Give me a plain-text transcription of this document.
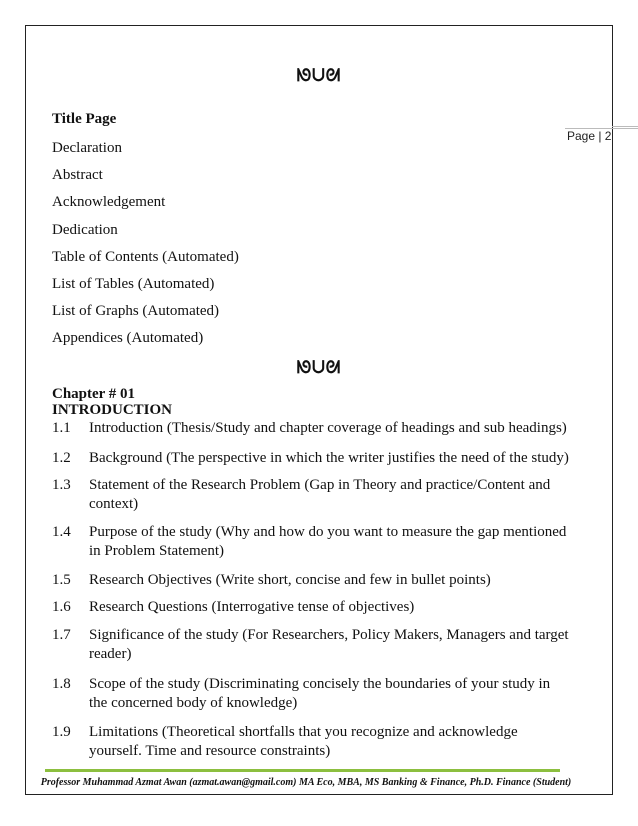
Page | 2
ᘚᑌᘛ
Title Page
Declaration
Abstract
Acknowledgement
Dedication
Table of Contents (Automated)
List of Tables (Automated)
List of Graphs (Automated)
Appendices (Automated)
ᘚᑌᘛ
Chapter # 01
INTRODUCTION
1.1	Introduction (Thesis/Study and chapter coverage of headings and sub headings)
1.2	Background (The perspective in which the writer justifies the need of the study)
1.3	Statement of the Research Problem (Gap in Theory and practice/Content and context)
1.4	Purpose of the study (Why and how do you want to measure the gap mentioned in Problem Statement)
1.5	Research Objectives (Write short, concise and few in bullet points)
1.6	Research Questions (Interrogative tense of objectives)
1.7	Significance of the study (For Researchers, Policy Makers, Managers and target reader)
1.8	Scope of the study (Discriminating concisely the boundaries of your study in the concerned body of knowledge)
1.9	Limitations (Theoretical shortfalls that you recognize and acknowledge yourself. Time and resource constraints)
Professor Muhammad Azmat Awan (azmat.awan@gmail.com) MA Eco, MBA, MS Banking & Finance, Ph.D. Finance (Student)
